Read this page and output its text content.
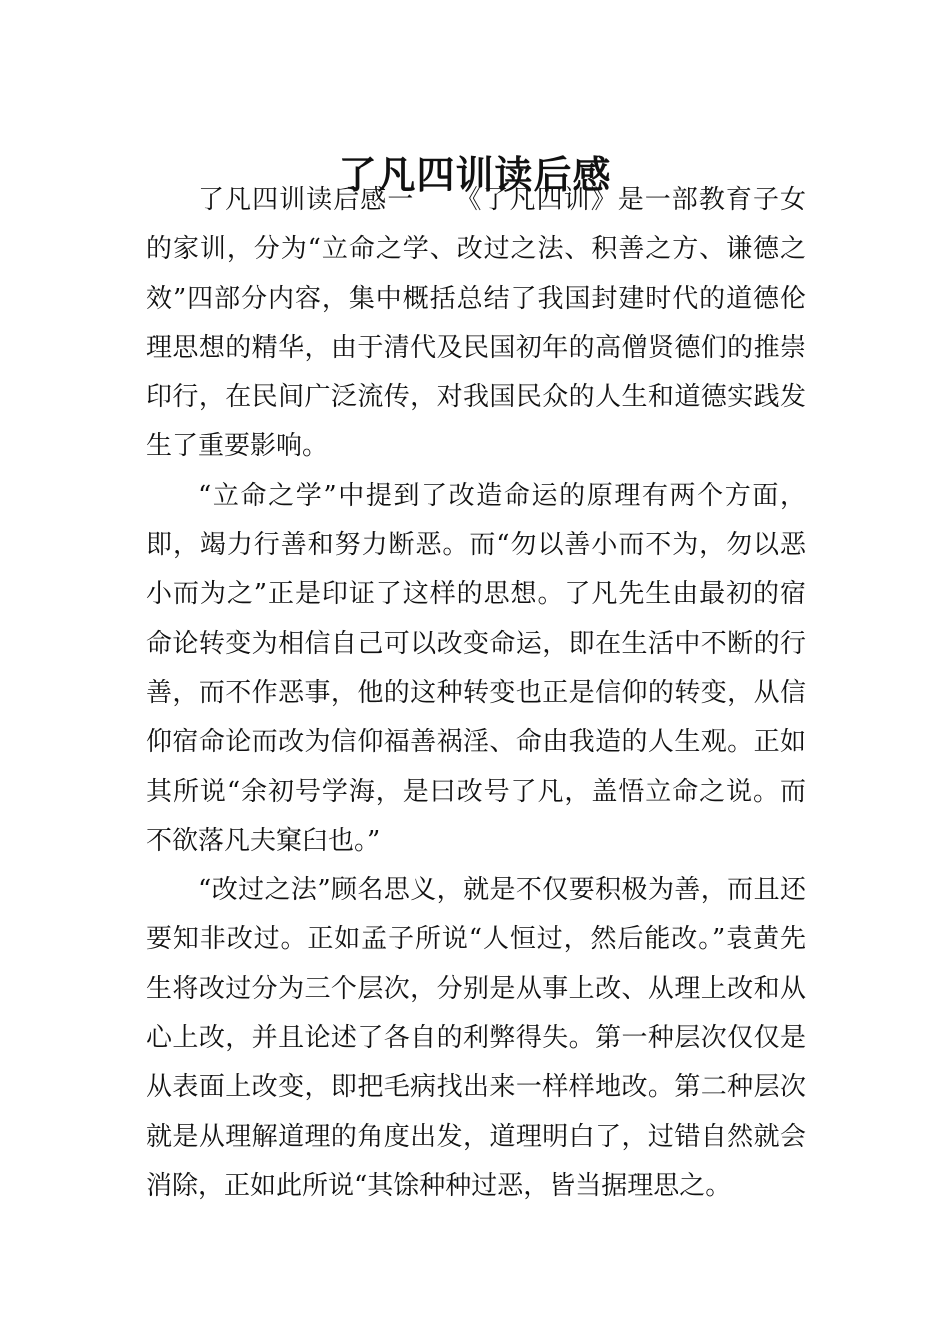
了凡四训读后感

了凡四训读后感一　　《了凡四训》是一部教育子女的家训，分为“立命之学、改过之法、积善之方、谦德之效”四部分内容，集中概括总结了我国封建时代的道德伦理思想的精华，由于清代及民国初年的高僧贤德们的推崇印行，在民间广泛流传，对我国民众的人生和道德实践发生了重要影响。

“立命之学”中提到了改造命运的原理有两个方面，即，竭力行善和努力断恶。而“勿以善小而不为，勿以恶小而为之”正是印证了这样的思想。了凡先生由最初的宿命论转变为相信自己可以改变命运，即在生活中不断的行善，而不作恶事，他的这种转变也正是信仰的转变，从信仰宿命论而改为信仰福善祸淫、命由我造的人生观。正如其所说“余初号学海，是曰改号了凡，盖悟立命之说。而不欲落凡夫窠臼也。”

“改过之法”顾名思义，就是不仅要积极为善，而且还要知非改过。正如孟子所说“人恒过，然后能改。”袁黄先生将改过分为三个层次，分别是从事上改、从理上改和从心上改，并且论述了各自的利弊得失。第一种层次仅仅是从表面上改变，即把毛病找出来一样样地改。第二种层次就是从理解道理的角度出发，道理明白了，过错自然就会消除，正如此所说“其馀种种过恶，皆当据理思之。
